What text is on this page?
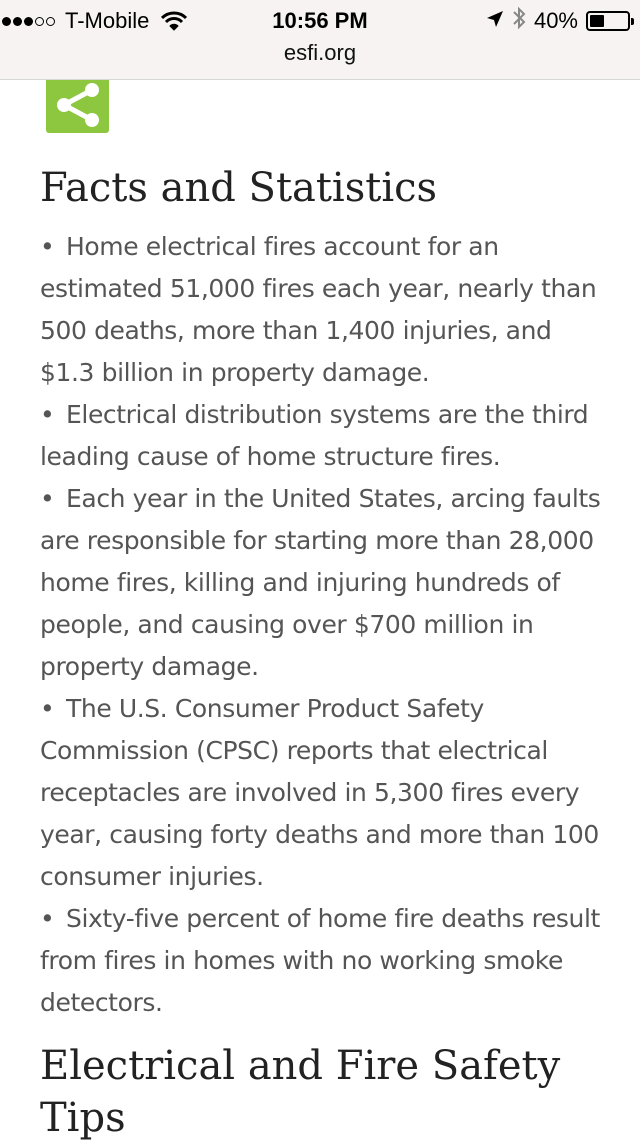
T-Mobile	10:56 PM
esfi.org
40%
Facts and Statistics
• Home electrical fires account for an estimated 51,000 fires each year, nearly than 500 deaths, more than 1,400 injuries, and $1.3 billion in property damage.
• Electrical distribution systems are the third leading cause of home structure fires.
• Each year in the United States, arcing faults are responsible for starting more than 28,000 home fires, killing and injuring hundreds of people, and causing over $700 million in property damage.
• The U.S. Consumer Product Safety Commission (CPSC) reports that electrical receptacles are involved in 5,300 fires every year, causing forty deaths and more than 100 consumer injuries.
• Sixty-five percent of home fire deaths result from fires in homes with no working smoke detectors.
Electrical and Fire Safety Tips
